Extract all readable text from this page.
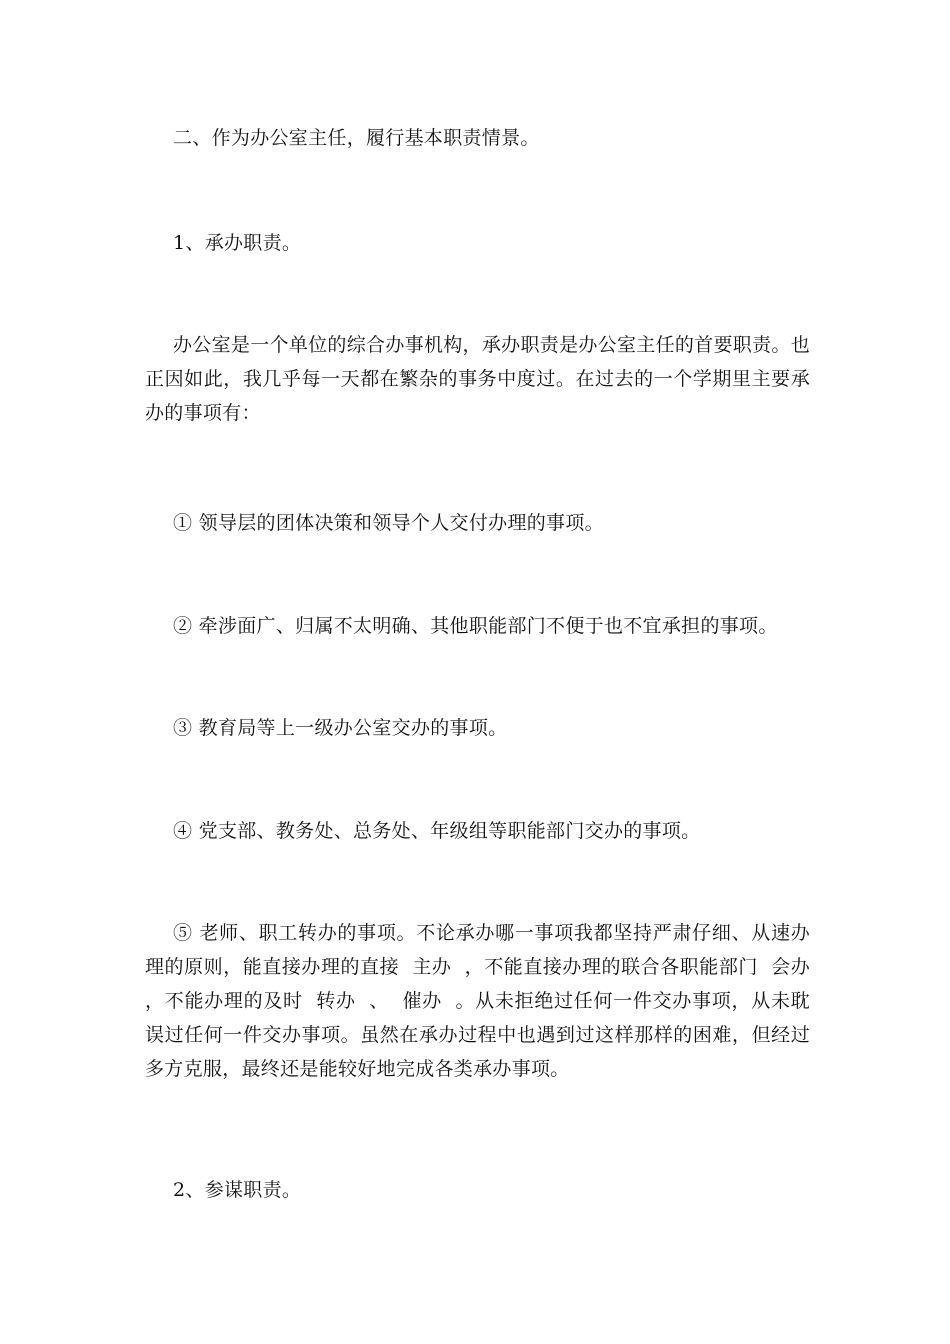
二、作为办公室主任，履行基本职责情景。

1、承办职责。

办公室是一个单位的综合办事机构，承办职责是办公室主任的首要职责。也正因如此，我几乎每一天都在繁杂的事务中度过。在过去的一个学期里主要承办的事项有：

① 领导层的团体决策和领导个人交付办理的事项。

② 牵涉面广、归属不太明确、其他职能部门不便于也不宜承担的事项。

③ 教育局等上一级办公室交办的事项。

④ 党支部、教务处、总务处、年级组等职能部门交办的事项。

⑤ 老师、职工转办的事项。不论承办哪一事项我都坚持严肃仔细、从速办理的原则，能直接办理的直接  主办  ，不能直接办理的联合各职能部门  会办  ，不能办理的及时  转办  、  催办  。从未拒绝过任何一件交办事项，从未耽误过任何一件交办事项。虽然在承办过程中也遇到过这样那样的困难，但经过多方克服，最终还是能较好地完成各类承办事项。

2、参谋职责。
